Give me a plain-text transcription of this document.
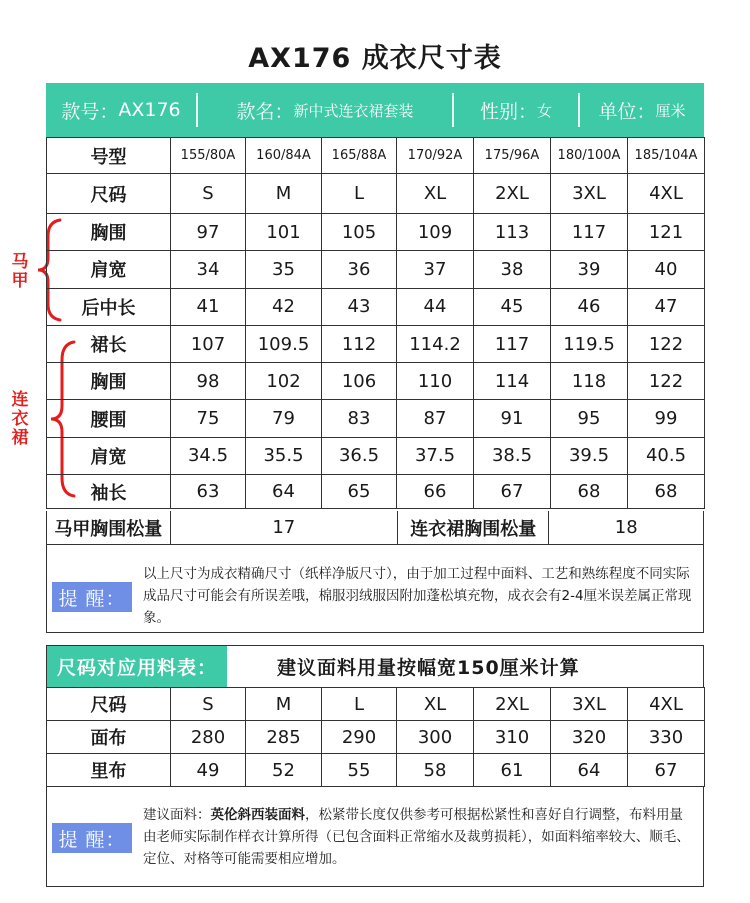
AX176 成衣尺寸表
款号： AX176	款名： 新中式连衣裙套装	性别： 女 单位： 厘米
马甲
连衣裙
号型	155/80A	160/84A	165/88A	170/92A	175/96A	180/100A	185/104A
尺码	S	M	L	XL	2XL	3XL	4XL
胸围	97	101	105	109	113	117	121
肩宽	34	35	36	37	38	39	40
后中长	41	42	43	44	45	46	47
裙长	107	109.5	112	114.2	117	119.5	122
胸围	98	102	106	110	114	118	122
腰围	75	79	83	87	91	95	99
肩宽	34.5	35.5	36.5	37.5	38.5	39.5	40.5
袖长	63	64	65	66	67	68	68
马甲胸围松量	17	连衣裙胸围松量	18
提 醒：
以上尺寸为成衣精确尺寸（纸样净版尺寸），由于加工过程中面料、工艺和熟练程度不同实际成品尺寸可能会有所误差哦，棉服羽绒服因附加蓬松填充物，成衣会有2-4厘米误差属正常现象。
尺码对应用料表：	建议面料用量按幅宽150厘米计算
尺码	S	M	L	XL	2XL	3XL	4XL
面布	280	285	290	300	310	320	330
里布	49	52	55	58	61	64	67
提 醒：
建议面料：英伦斜西装面料，松紧带长度仅供参考可根据松紧性和喜好自行调整，布料用量由老师实际制作样衣计算所得（已包含面料正常缩水及裁剪损耗），如面料缩率较大、顺毛、定位、对格等可能需要相应增加。
